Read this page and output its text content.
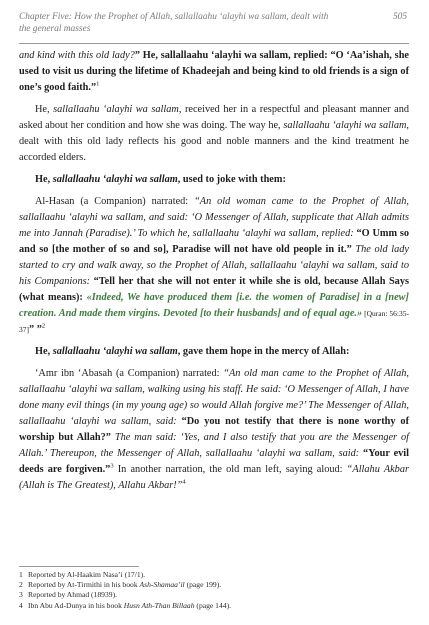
Chapter Five: How the Prophet of Allah, sallallaahu ‘alayhi wa sallam, dealt with the general masses
505

and kind with this old lady?” He, sallallaahu ‘alayhi wa sallam, replied: “O ‘Aa’ishah, she used to visit us during the lifetime of Khadeejah and being kind to old friends is a sign of one’s good faith.”$^1$

He, sallallaahu ‘alayhi wa sallam, received her in a respectful and pleasant manner and asked about her condition and how she was doing. The way he, sallallaahu ‘alayhi wa sallam, dealt with this old lady reflects his good and noble manners and the kind treatment he accorded elders.

He, sallallaahu ‘alayhi wa sallam, used to joke with them:

Al-Hasan (a Companion) narrated: “An old woman came to the Prophet of Allah, sallallaahu ‘alayhi wa sallam, and said: ‘O Messenger of Allah, supplicate that Allah admits me into Jannah (Paradise).’ To which he, sallallaahu ‘alayhi wa sallam, replied: “O Umm so and so [the mother of so and so], Paradise will not have old people in it.” The old lady started to cry and walk away, so the Prophet of Allah, sallallaahu ‘alayhi wa sallam, said to his Companions: “Tell her that she will not enter it while she is old, because Allah Says (what means): «Indeed, We have produced them [i.e. the women of Paradise] in a [new] creation. And made them virgins. Devoted [to their husbands] and of equal age.» [Quran: 56:35-37]” ”$^2$

He, sallallaahu ‘alayhi wa sallam, gave them hope in the mercy of Allah:

‘Amr ibn ‘Abasah (a Companion) narrated: “An old man came to the Prophet of Allah, sallallaahu ‘alayhi wa sallam, walking using his staff. He said: ‘O Messenger of Allah, I have done many evil things (in my young age) so would Allah forgive me?’ The Messenger of Allah, sallallaahu ‘alayhi wa sallam, said: “Do you not testify that there is none worthy of worship but Allah?” The man said: ‘Yes, and I also testify that you are the Messenger of Allah.’ Thereupon, the Messenger of Allah, sallallaahu ‘alayhi wa sallam, said: “Your evil deeds are forgiven.”$^3$ In another narration, the old man left, saying aloud: “Allahu Akbar (Allah is The Greatest), Allahu Akbar!”$^4$

1 Reported by Al-Haakim Nasa’i (17/1).
2 Reported by At-Tirmithi in his book Ash-Shamaa’il (page 199).
3 Reported by Ahmad (18939).
4 Ibn Abu Ad-Dunya in his book Husn Ath-Than Billaah (page 144).
